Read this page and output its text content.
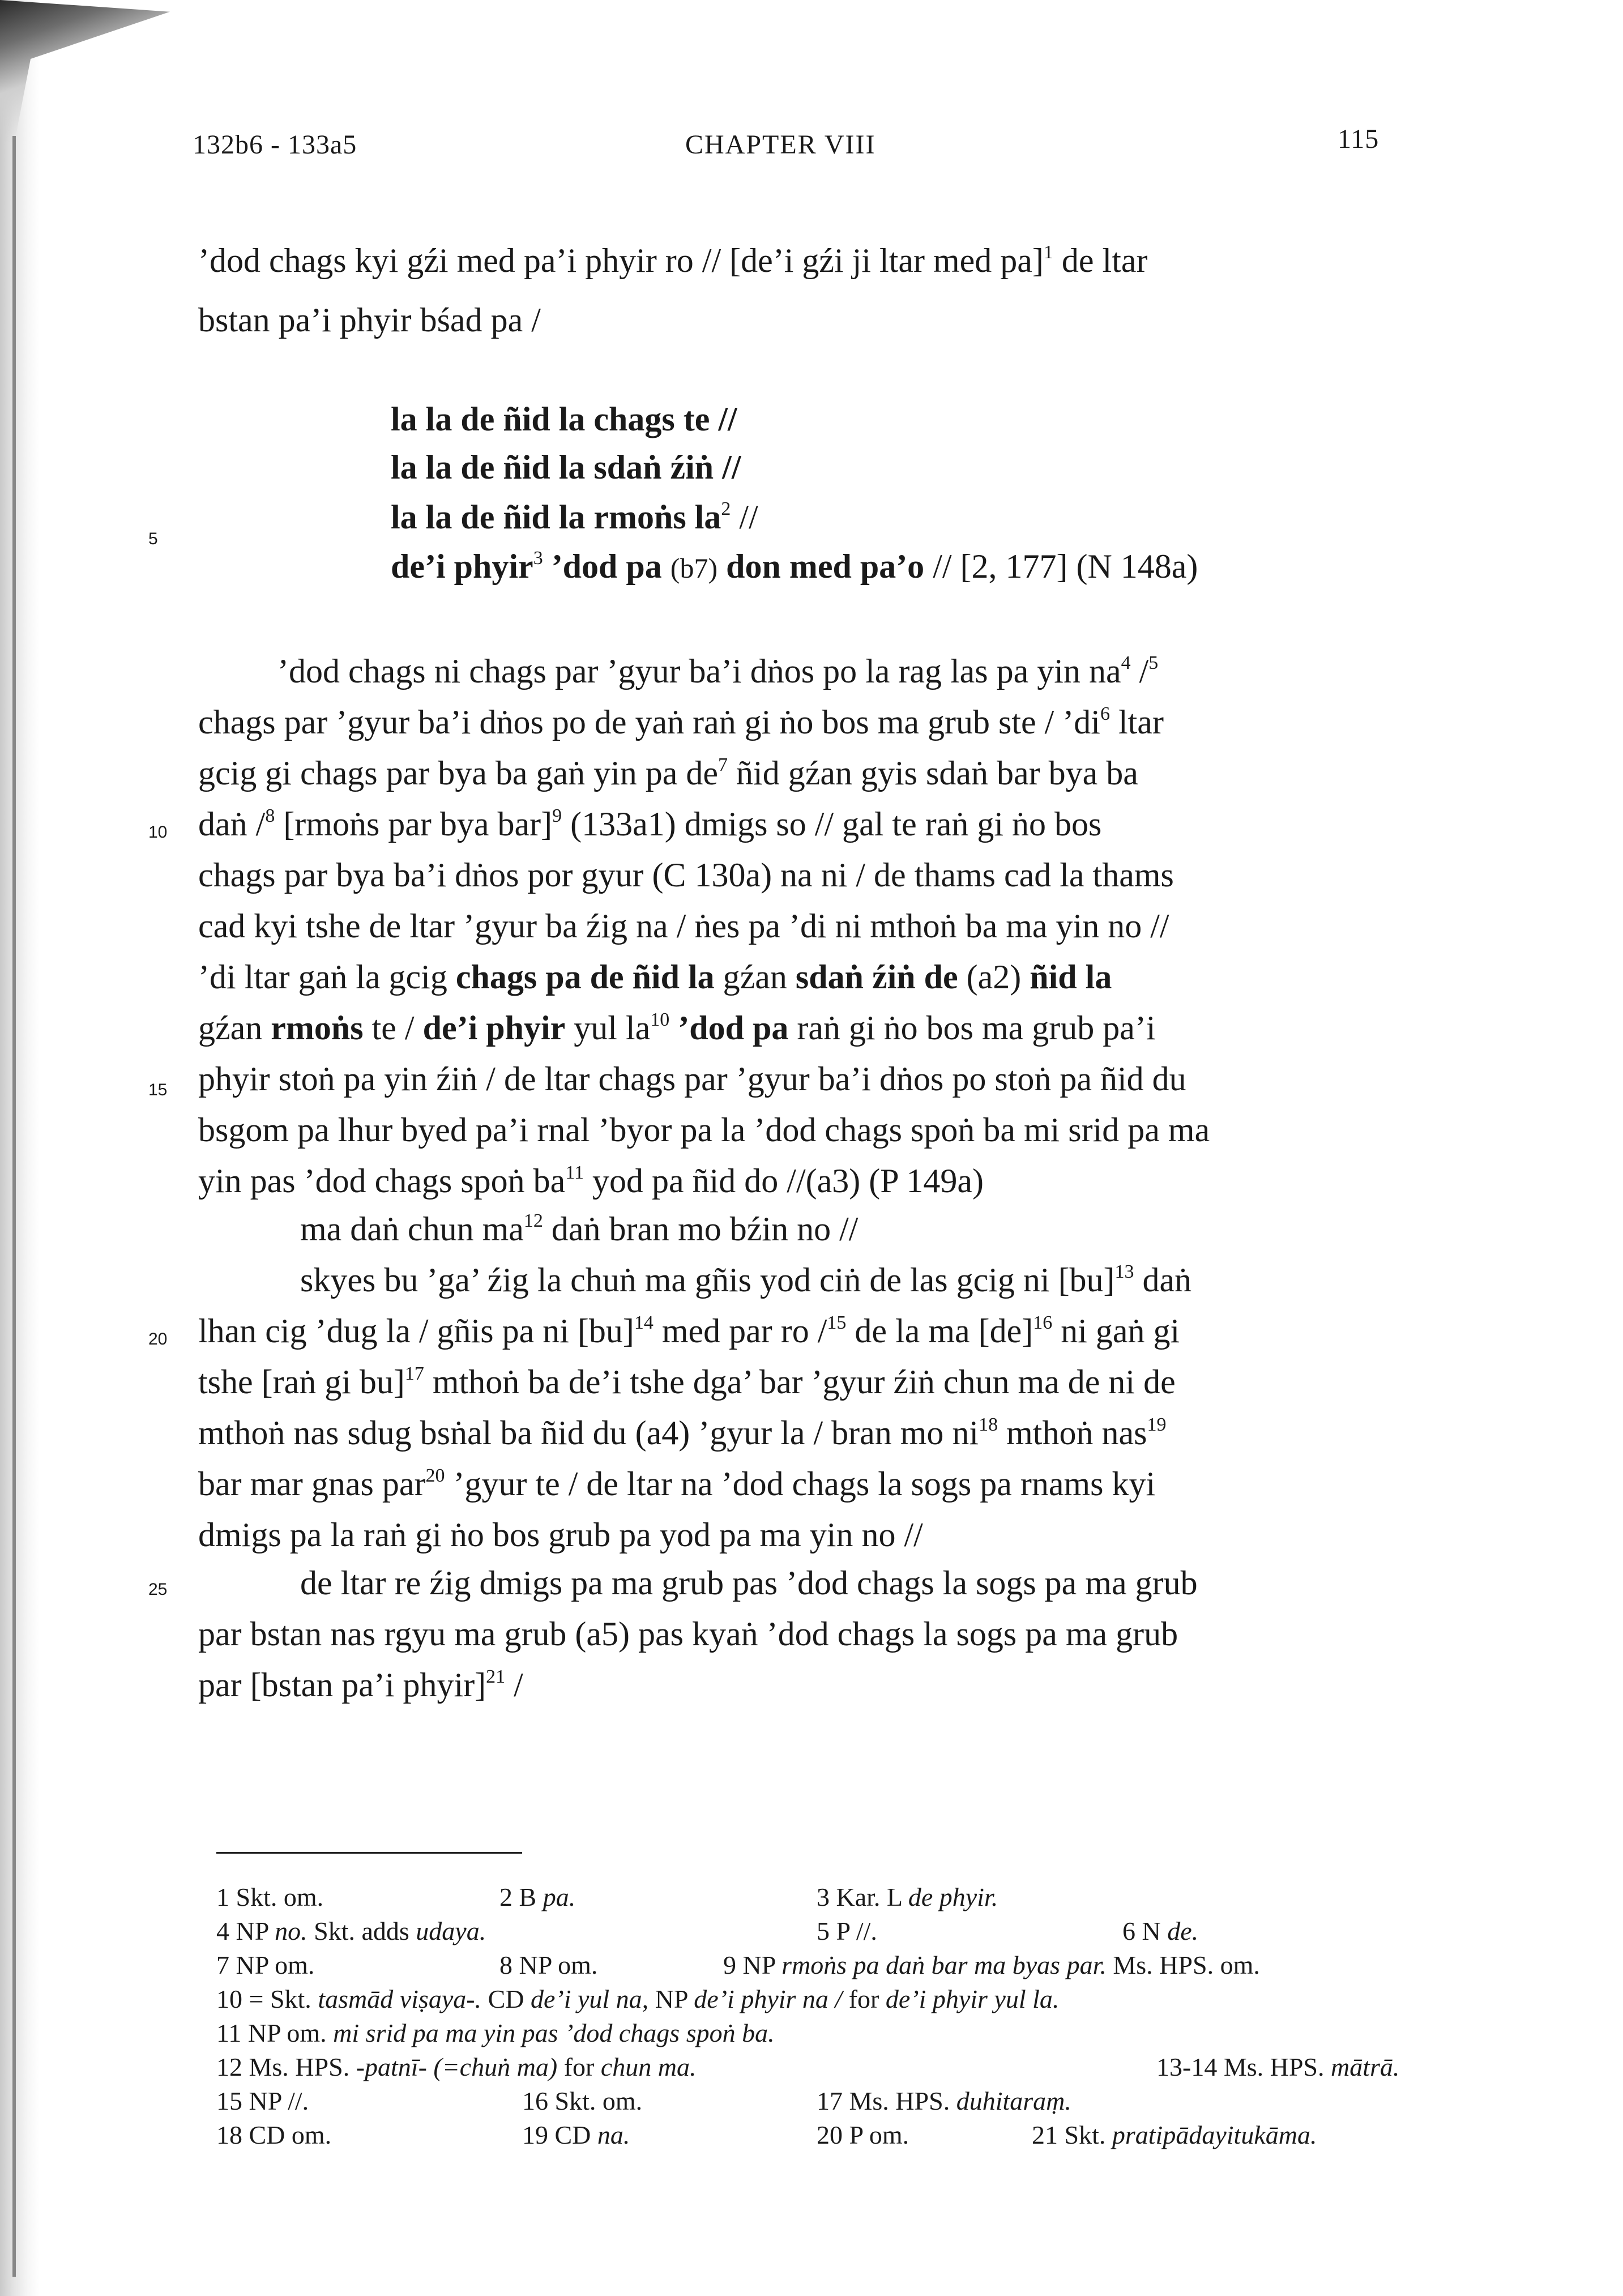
132b6 - 133a5	CHAPTER VIII	115
5
10
15
20
25
’dod chags kyi gźi med pa’i phyir ro // [de’i gźi ji ltar med pa]$^1$ de ltar
bstan pa’i phyir bśad pa /
la la de ñid la chags te //
la la de ñid la sdaṅ źiṅ //
la la de ñid la rmoṅs $la^2$ //
de’i phyir$^3$ ’dod pa (b7) don med pa’o // [2, 177] (N 148a)
’dod chags ni chags par ’gyur ba’i dṅos po la rag las pa yin $na^4$ /$^5$
chags par ’gyur ba’i dṅos po de yaṅ raṅ gi ṅo bos ma grub ste / $’di^6$ ltar
gcig gi chags par bya ba gaṅ yin pa $de^7$ ñid gźan gyis sdaṅ bar bya ba
daṅ /$^8$ [rmoṅs par bya bar]$^9$ (133a1) dmigs so // gal te raṅ gi ṅo bos
chags par bya ba’i dṅos por gyur (C 130a) na ni / de thams cad la thams
cad kyi tshe de ltar ’gyur ba źig na / ṅes pa ’di ni mthoṅ ba ma yin no //
’di ltar gaṅ la gcig chags pa de ñid la gźan sdaṅ źiṅ de (a2) ñid la
gźan rmoṅs te / de’i phyir yul $la^{10}$ ’dod pa raṅ gi ṅo bos ma grub pa’i
phyir stoṅ pa yin źiṅ / de ltar chags par ’gyur ba’i dṅos po stoṅ pa ñid du
bsgom pa lhur byed pa’i rnal ’byor pa la ’dod chags spoṅ ba mi srid pa ma
yin pas ’dod chags spoṅ $ba^{11}$ yod pa ñid do //(a3) (P 149a)
ma daṅ chun $ma^{12}$ daṅ bran mo bźin no //
skyes bu ’ga’ źig la chuṅ ma gñis yod ciṅ de las gcig ni [bu]$^{13}$ daṅ
lhan cig ’dug la / gñis pa ni [bu]$^{14}$ med par ro /$^{15}$ de la ma [de]$^{16}$ ni gaṅ gi
tshe [raṅ gi bu]$^{17}$ mthoṅ ba de’i tshe dga’ bar ’gyur źiṅ chun ma de ni de
mthoṅ nas sdug bsṅal ba ñid du (a4) ’gyur la / bran mo $ni^{18}$ mthoṅ nas$^{19}$
bar mar gnas par$^{20}$ ’gyur te / de ltar na ’dod chags la sogs pa rnams kyi
dmigs pa la raṅ gi ṅo bos grub pa yod pa ma yin no //
de ltar re źig dmigs pa ma grub pas ’dod chags la sogs pa ma grub
par bstan nas rgyu ma grub (a5) pas kyaṅ ’dod chags la sogs pa ma grub
par [bstan pa’i phyir]$^{21}$ /
1 Skt. om.	2 B pa.	3 Kar. L de phyir.
4 NP no. Skt. adds udaya.	5 P //.	6 N de.
7 NP om.	8 NP om.	9 NP rmoṅs pa daṅ bar ma byas par. Ms. HPS. om.
10 = Skt. tasmād viṣaya-. CD de’i yul na, NP de’i phyir na / for de’i phyir yul la.
11 NP om. mi srid pa ma yin pas ’dod chags spoṅ ba.
12 Ms. HPS. -patnī- (=chuṅ ma) for chun ma.	13-14 Ms. HPS. mātrā.
15 NP //.	16 Skt. om.	17 Ms. HPS. duhitaraṃ.
18 CD om.	19 CD na.	20 P om.	21 Skt. pratipādayitukāma.
